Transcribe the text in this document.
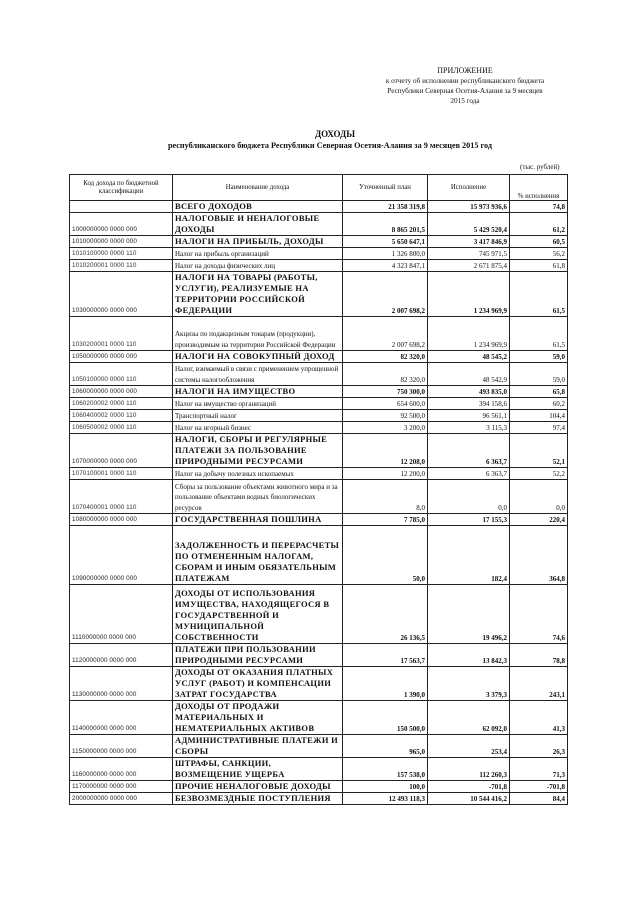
ПРИЛОЖЕНИЕ
к отчету об исполнении республиканского бюджета
Республики Северная Осетия-Алания за 9 месяцев
2015 года
ДОХОДЫ
республиканского бюджета Республики Северная Осетия-Алания за 9 месяцев 2015 год
(тыс. рублей)
Код дохода по бюджетной классификации	Наименование дохода	Уточненный план	Исполнение	% исполнения
	ВСЕГО ДОХОДОВ	21 358 319,8	15 973 936,6	74,8
1000000000 0000 000	НАЛОГОВЫЕ И НЕНАЛОГОВЫЕ ДОХОДЫ	8 865 201,5	5 429 520,4	61,2
1010000000 0000 000	НАЛОГИ НА ПРИБЫЛЬ, ДОХОДЫ	5 650 647,1	3 417 846,9	60,5
1010100000 0000 110	Налог на прибыль организаций	1 326 800,0	745 971,5	56,2
1010200001 0000 110	Налог на доходы физических лиц	4 323 847,1	2 671 875,4	61,8
1030000000 0000 000	НАЛОГИ НА ТОВАРЫ (РАБОТЫ, УСЛУГИ), РЕАЛИЗУЕМЫЕ НА ТЕРРИТОРИИ РОССИЙСКОЙ ФЕДЕРАЦИИ	2 007 698,2	1 234 969,9	61,5
1030200001 0000 110	Акцизы по подакцизным товарам (продукции), производимым на территории Российской Федерации	2 007 698,2	1 234 969,9	61,5
1050000000 0000 000	НАЛОГИ НА СОВОКУПНЫЙ ДОХОД	82 320,0	48 545,2	59,0
1050100000 0000 110	Налог, взимаемый в связи с применением упрощенной системы налогообложения	82 320,0	48 542,9	59,0
1060000000 0000 000	НАЛОГИ НА ИМУЩЕСТВО	750 300,0	493 835,0	65,8
1060200002 0000 110	Налог на имущество организаций	654 600,0	394 158,6	60,2
1060400002 0000 110	Транспортный налог	92 500,0	96 561,1	104,4
1060500002 0000 110	Налог на игорный бизнес	3 200,0	3 115,3	97,4
1070000000 0000 000	НАЛОГИ, СБОРЫ И РЕГУЛЯРНЫЕ ПЛАТЕЖИ ЗА ПОЛЬЗОВАНИЕ ПРИРОДНЫМИ РЕСУРСАМИ	12 208,0	6 363,7	52,1
1070100001 0000 110	Налог на добычу полезных ископаемых	12 200,0	6 363,7	52,2
1070400001 0000 110	Сборы за пользование объектами животного мира и за пользование объектами водных биологических ресурсов	8,0	0,0	0,0
1080000000 0000 000	ГОСУДАРСТВЕННАЯ ПОШЛИНА	7 785,0	17 155,3	220,4
1090000000 0000 000	ЗАДОЛЖЕННОСТЬ И ПЕРЕРАСЧЕТЫ ПО ОТМЕНЕННЫМ НАЛОГАМ, СБОРАМ И ИНЫМ ОБЯЗАТЕЛЬНЫМ ПЛАТЕЖАМ	50,0	182,4	364,8
1110000000 0000 000	ДОХОДЫ ОТ ИСПОЛЬЗОВАНИЯ ИМУЩЕСТВА, НАХОДЯЩЕГОСЯ В ГОСУДАРСТВЕННОЙ И МУНИЦИПАЛЬНОЙ СОБСТВЕННОСТИ	26 136,5	19 496,2	74,6
1120000000 0000 000	ПЛАТЕЖИ ПРИ ПОЛЬЗОВАНИИ ПРИРОДНЫМИ РЕСУРСАМИ	17 563,7	13 842,3	78,8
1130000000 0000 000	ДОХОДЫ ОТ ОКАЗАНИЯ ПЛАТНЫХ УСЛУГ (РАБОТ) И КОМПЕНСАЦИИ ЗАТРАТ ГОСУДАРСТВА	1 390,0	3 379,3	243,1
1140000000 0000 000	ДОХОДЫ ОТ ПРОДАЖИ МАТЕРИАЛЬНЫХ И НЕМАТЕРИАЛЬНЫХ АКТИВОВ	150 500,0	62 092,0	41,3
1150000000 0000 000	АДМИНИСТРАТИВНЫЕ ПЛАТЕЖИ И СБОРЫ	965,0	253,4	26,3
1160000000 0000 000	ШТРАФЫ, САНКЦИИ, ВОЗМЕЩЕНИЕ УЩЕРБА	157 538,0	112 260,3	71,3
1170000000 0000 000	ПРОЧИЕ НЕНАЛОГОВЫЕ ДОХОДЫ	100,0	-701,8	-701,8
2000000000 0000 000	БЕЗВОЗМЕЗДНЫЕ ПОСТУПЛЕНИЯ	12 493 118,3	10 544 416,2	84,4
